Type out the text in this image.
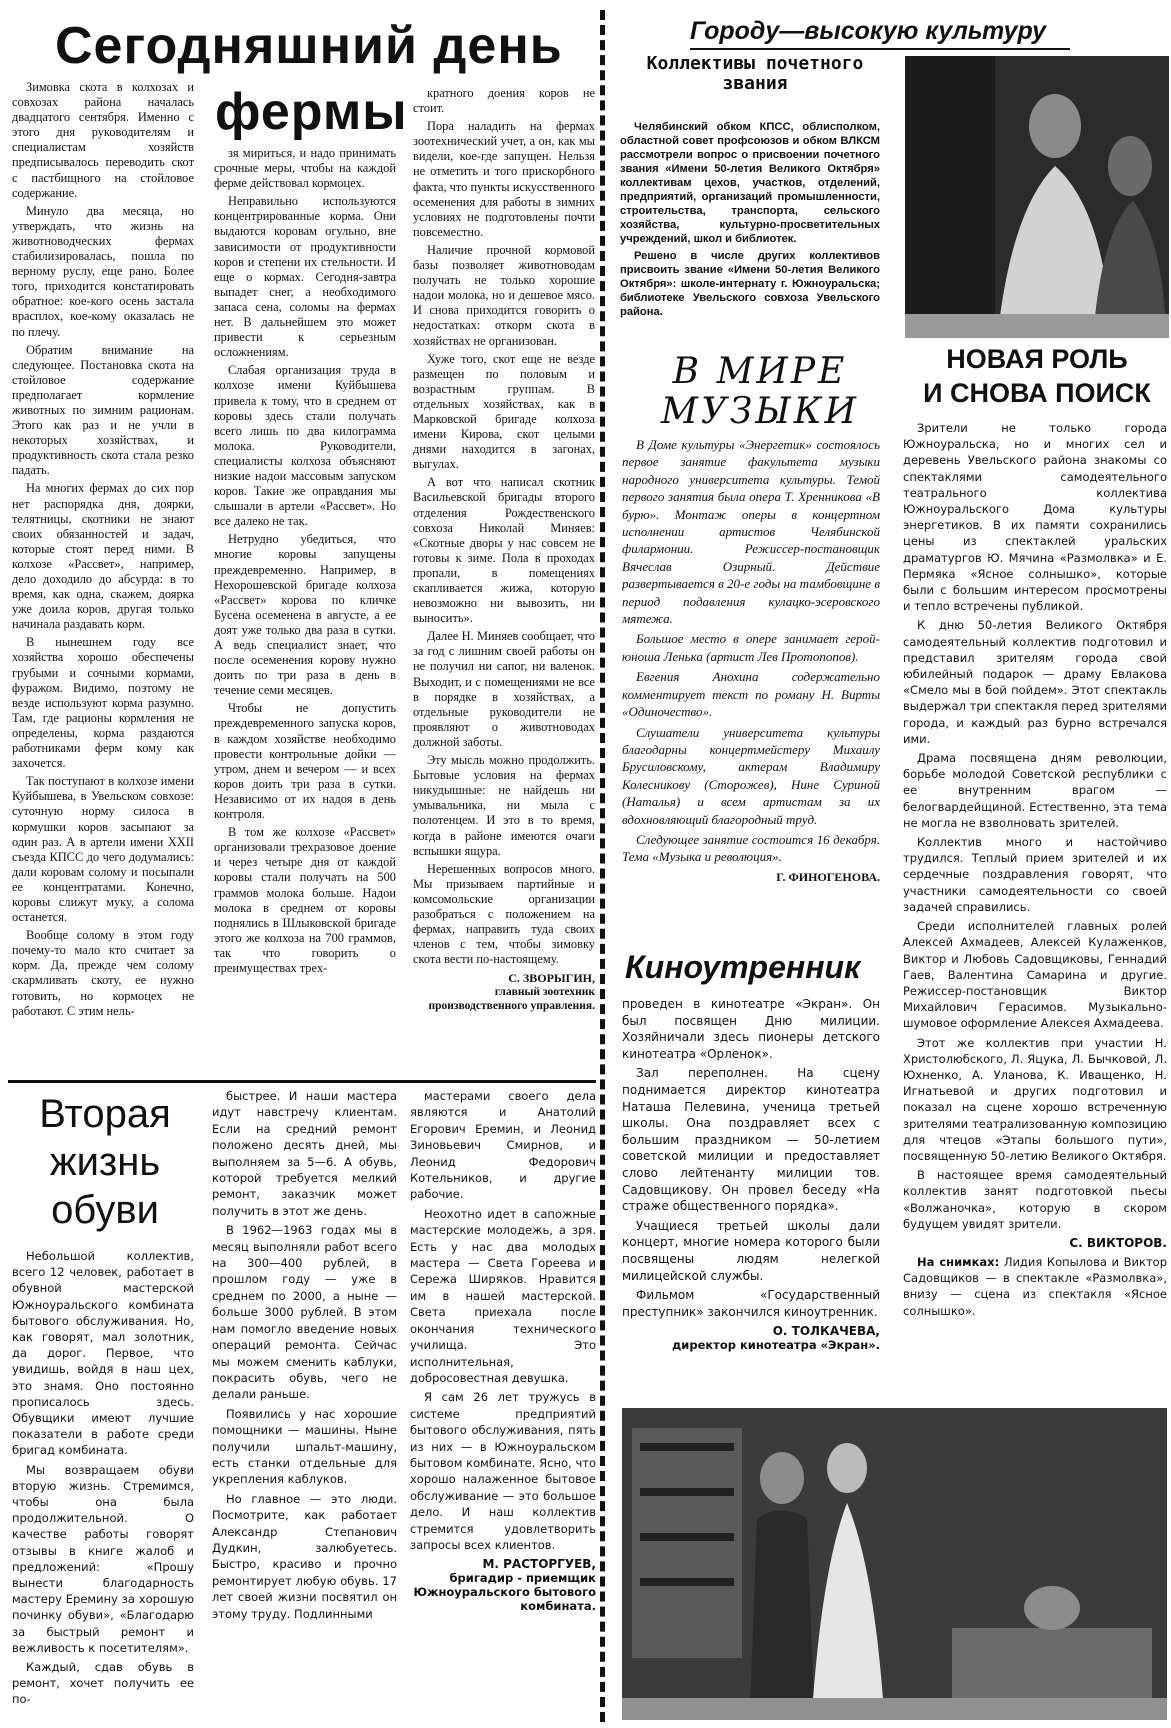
Сегодняшний день
фермы

Зимовка скота в колхозах и совхозах района началась двадцатого сентября. Именно с этого дня руководителям и специалистам хозяйств предписывалось переводить скот с пастбищного на стойловое содержание.

Минуло два месяца, но утверждать, что жизнь на животноводческих фермах стабилизировалась, пошла по верному руслу, еще рано. Более того, приходится констатировать обратное: кое-кого осень застала врасплох, кое-кому оказалась не по плечу.

Обратим внимание на следующее. Постановка скота на стойловое содержание предполагает кормление животных по зимним рационам. Этого как раз и не учли в некоторых хозяйствах, и продуктивность скота стала резко падать.

На многих фермах до сих пор нет распорядка дня, доярки, телятницы, скотники не знают своих обязанностей и задач, которые стоят перед ними. В колхозе «Рассвет», например, дело доходило до абсурда: в то время, как одна, скажем, доярка уже доила коров, другая только начинала раздавать корм.

В нынешнем году все хозяйства хорошо обеспечены грубыми и сочными кормами, фуражом. Видимо, поэтому не везде используют корма разумно. Там, где рационы кормления не определены, корма раздаются работниками ферм кому как захочется.

Так поступают в колхозе имени Куйбышева, в Увельском совхозе: суточную норму силоса в кормушки коров засыпают за один раз. А в артели имени XXII съезда КПСС до чего додумались: дали коровам солому и посыпали ее концентратами. Конечно, коровы слижут муку, а солома останется.

Вообще солому в этом году почему-то мало кто считает за корм. Да, прежде чем солому скармливать скоту, ее нужно готовить, но кормоцех не работают. С этим нель-

зя мириться, и надо принимать срочные меры, чтобы на каждой ферме действовал кормоцех.

Неправильно используются концентрированные корма. Они выдаются коровам огульно, вне зависимости от продуктивности коров и степени их стельности. И еще о кормах. Сегодня-завтра выпадет снег, а необходимого запаса сена, соломы на фермах нет. В дальнейшем это может привести к серьезным осложнениям.

Слабая организация труда в колхозе имени Куйбышева привела к тому, что в среднем от коровы здесь стали получать всего лишь по два килограмма молока. Руководители, специалисты колхоза объясняют низкие надои массовым запуском коров. Такие же оправдания мы слышали в артели «Рассвет». Но все далеко не так.

Нетрудно убедиться, что многие коровы запущены преждевременно. Например, в Нехорошевской бригаде колхоза «Рассвет» корова по кличке Бусена осеменена в августе, а ее доят уже только два раза в сутки. А ведь специалист знает, что после осеменения корову нужно доить по три раза в день в течение семи месяцев.

Чтобы не допустить преждевременного запуска коров, в каждом хозяйстве необходимо провести контрольные дойки — утром, днем и вечером — и всех коров доить три раза в сутки. Независимо от их надоя в день контроля.

В том же колхозе «Рассвет» организовали трехразовое доение и через четыре дня от каждой коровы стали получать на 500 граммов молока больше. Надои молока в среднем от коровы поднялись в Шлыковской бригаде этого же колхоза на 700 граммов, так что говорить о преимуществах трех-

кратного доения коров не стоит.

Пора наладить на фермах зоотехнический учет, а он, как мы видели, кое-где запущен. Нельзя не отметить и того прискорбного факта, что пункты искусственного осеменения для работы в зимних условиях не подготовлены почти повсеместно.

Наличие прочной кормовой базы позволяет животноводам получать не только хорошие надои молока, но и дешевое мясо. И снова приходится говорить о недостатках: откорм скота в хозяйствах не организован.

Хуже того, скот еще не везде размещен по половым и возрастным группам. В отдельных хозяйствах, как в Марковской бригаде колхоза имени Кирова, скот целыми днями находится в загонах, выгулах.

А вот что написал скотник Васильевской бригады второго отделения Рождественского совхоза Николай Миняев: «Скотные дворы у нас совсем не готовы к зиме. Пола в проходах пропали, в помещениях скапливается жижа, которую невозможно ни вывозить, ни выносить».

Далее Н. Миняев сообщает, что за год с лишним своей работы он не получил ни сапог, ни валенок. Выходит, и с помещениями не все в порядке в хозяйствах, а отдельные руководители не проявляют о животноводах должной заботы.

Эту мысль можно продолжить. Бытовые условия на фермах никудышные: не найдешь ни умывальника, ни мыла с полотенцем. И это в то время, когда в районе имеются очаги вспышки ящура.

Нерешенных вопросов много. Мы призываем партийные и комсомольские организации разобраться с положением на фермах, направить туда своих членов с тем, чтобы зимовку скота вести по-настоящему.

С. ЗВОРЫГИН,
главный зоотехник производственного управления.
Вторая
жизнь
обуви

Небольшой коллектив, всего 12 человек, работает в обувной мастерской Южноуральского комбината бытового обслуживания. Но, как говорят, мал золотник, да дорог. Первое, что увидишь, войдя в наш цех, это знамя. Оно постоянно прописалось здесь. Обувщики имеют лучшие показатели в работе среди бригад комбината.

Мы возвращаем обуви вторую жизнь. Стремимся, чтобы она была продолжительной. О качестве работы говорят отзывы в книге жалоб и предложений: «Прошу вынести благодарность мастеру Еремину за хорошую починку обуви», «Благодарю за быстрый ремонт и вежливость к посетителям».

Каждый, сдав обувь в ремонт, хочет получить ее по-

быстрее. И наши мастера идут навстречу клиентам. Если на средний ремонт положено десять дней, мы выполняем за 5—6. А обувь, которой требуется мелкий ремонт, заказчик может получить в этот же день.

В 1962—1963 годах мы в месяц выполняли работ всего на 300—400 рублей, в прошлом году — уже в среднем по 2000, а ныне — больше 3000 рублей. В этом нам помогло введение новых операций ремонта. Сейчас мы можем сменить каблуки, покрасить обувь, чего не делали раньше.

Появились у нас хорошие помощники — машины. Ныне получили шпальт-машину, есть станки отдельные для укрепления каблуков.

Но главное — это люди. Посмотрите, как работает Александр Степанович Дудкин, залюбуетесь. Быстро, красиво и прочно ремонтирует любую обувь. 17 лет своей жизни посвятил он этому труду. Подлинными

мастерами своего дела являются и Анатолий Егорович Еремин, и Леонид Зиновьевич Смирнов, и Леонид Федорович Котельников, и другие рабочие.

Неохотно идет в сапожные мастерские молодежь, а зря. Есть у нас два молодых мастера — Света Гореева и Сережа Ширяков. Нравится им в нашей мастерской. Света приехала после окончания технического училища. Это исполнительная, добросовестная девушка.

Я сам 26 лет тружусь в системе предприятий бытового обслуживания, пять из них — в Южноуральском бытовом комбинате. Ясно, что хорошо налаженное бытовое обслуживание — это большое дело. И наш коллектив стремится удовлетворить запросы всех клиентов.

М. РАСТОРГУЕВ,
бригадир - приемщик Южноуральского бытового комбината.
Городу—высокую культуру
Коллективы почетного звания

Челябинский обком КПСС, облисполком, областной совет профсоюзов и обком ВЛКСМ рассмотрели вопрос о присвоении почетного звания «Имени 50-летия Великого Октября» коллективам цехов, участков, отделений, предприятий, организаций промышленности, строительства, транспорта, сельского хозяйства, культурно-просветительных учреждений, школ и библиотек.

Решено в числе других коллективов присвоить звание «Имени 50-летия Великого Октября»: школе-интернату г. Южноуральска; библиотеке Увельского совхоза Увельского района.

В МИРЕ
МУЗЫКИ

В Доме культуры «Энергетик» состоялось первое занятие факультета музыки народного университета культуры. Темой первого занятия была опера Т. Хренникова «В бурю». Монтаж оперы в концертном исполнении артистов Челябинской филармонии. Режиссер-постановщик Вячеслав Озирный. Действие развертывается в 20-е годы на тамбовщине в период подавления кулацко-эсеровского мятежа.

Большое место в опере занимает герой-юноша Ленька (артист Лев Протопопов).

Евгения Анохина содержательно комментирует текст по роману Н. Вирты «Одиночество».

Слушатели университета культуры благодарны концертмейстеру Михаилу Брусиловскому, актерам Владимиру Колесникову (Сторожев), Нине Суриной (Наталья) и всем артистам за их вдохновляющий благородный труд.

Следующее занятие состоится 16 декабря. Тема «Музыка и революция».

Г. ФИНОГЕНОВА.
Киноутренник

проведен в кинотеатре «Экран». Он был посвящен Дню милиции. Хозяйничали здесь пионеры детского кинотеатра «Орленок».

Зал переполнен. На сцену поднимается директор кинотеатра Наташа Пелевина, ученица третьей школы. Она поздравляет всех с большим праздником — 50-летием советской милиции и предоставляет слово лейтенанту милиции тов. Садовщикову. Он провел беседу «На страже общественного порядка».

Учащиеся третьей школы дали концерт, многие номера которого были посвящены людям нелегкой милицейской службы.

Фильмом «Государственный преступник» закончился киноутренник.

О. ТОЛКАЧЕВА,
директор кинотеатра «Экран».
НОВАЯ РОЛЬ
И СНОВА ПОИСК

Зрители не только города Южноуральска, но и многих сел и деревень Увельского района знакомы со спектаклями самодеятельного театрального коллектива Южноуральского Дома культуры энергетиков. В их памяти сохранились цены из спектаклей уральских драматургов Ю. Мячина «Размолвка» и Е. Пермяка «Ясное солнышко», которые были с большим интересом просмотрены и тепло встречены публикой.

К дню 50-летия Великого Октября самодеятельный коллектив подготовил и представил зрителям города свой юбилейный подарок — драму Евлакова «Смело мы в бой пойдем». Этот спектакль выдержал три спектакля перед зрителями города, и каждый раз бурно встречался ими.

Драма посвящена дням революции, борьбе молодой Советской республики с ее внутренним врагом — белогвардейщиной. Естественно, эта тема не могла не взволновать зрителей.

Коллектив много и настойчиво трудился. Теплый прием зрителей и их сердечные поздравления говорят, что участники самодеятельности со своей задачей справились.

Среди исполнителей главных ролей Алексей Ахмадеев, Алексей Кулаженков, Виктор и Любовь Садовщиковы, Геннадий Гаев, Валентина Самарина и другие. Режиссер-постановщик Виктор Михайлович Герасимов. Музыкально-шумовое оформление Алексея Ахмадеева.

Этот же коллектив при участии Н. Христолюбского, Л. Яцука, Л. Бычковой, Л. Юхненко, А. Уланова, К. Иващенко, Н. Игнатьевой и других подготовил и показал на сцене хорошо встреченную зрителями театрализованную композицию для чтецов «Этапы большого пути», посвященную 50-летию Великого Октября.

В настоящее время самодеятельный коллектив занят подготовкой пьесы «Волжаночка», которую в скором будущем увидят зрители.

С. ВИКТОРОВ.

На снимках: Лидия Копылова и Виктор Садовщиков — в спектакле «Размолвка», внизу — сцена из спектакля «Ясное солнышко».
